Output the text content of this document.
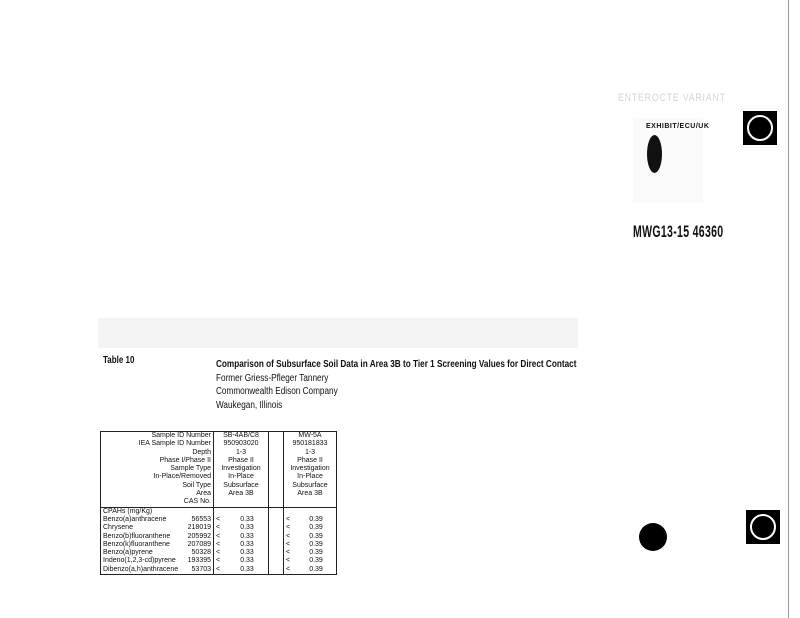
ENTEROCTE VARIANT
EXHIBIT/ECU/UK
MWG13-15 46360
Table 10	Comparison of Subsurface Soil Data in Area 3B to Tier 1 Screening Values for Direct Contact
Former Griess-Pfleger Tannery
Commonwealth Edison Company
Waukegan, Illinois
Sample ID Number		SB-4AB/C8			MW-5A	
IEA Sample ID Number		950903020			950181833	
Depth		1-3			1-3	
Phase I/Phase II		Phase II			Phase II	
Sample Type		Investigation			Investigation	
In-Place/Removed		In-Place			In-Place	
Soil Type		Subsurface			Subsurface	
Area		Area 3B			Area 3B	
CAS No.						
CPAHs (mg/Kg)						
Benzo(a)anthracene	56553	<	0.33		<	0.39
Chrysene	218019	<	0.33		<	0.39
Benzo(b)fluoranthene	205992	<	0.33		<	0.39
Benzo(k)fluoranthene	207089	<	0.33		<	0.39
Benzo(a)pyrene	50328	<	0.33		<	0.39
Indeno(1,2,3-cd)pyrene	193395	<	0.33		<	0.39
Dibenzo(a,h)anthracene	53703	<	0.33		<	0.39
